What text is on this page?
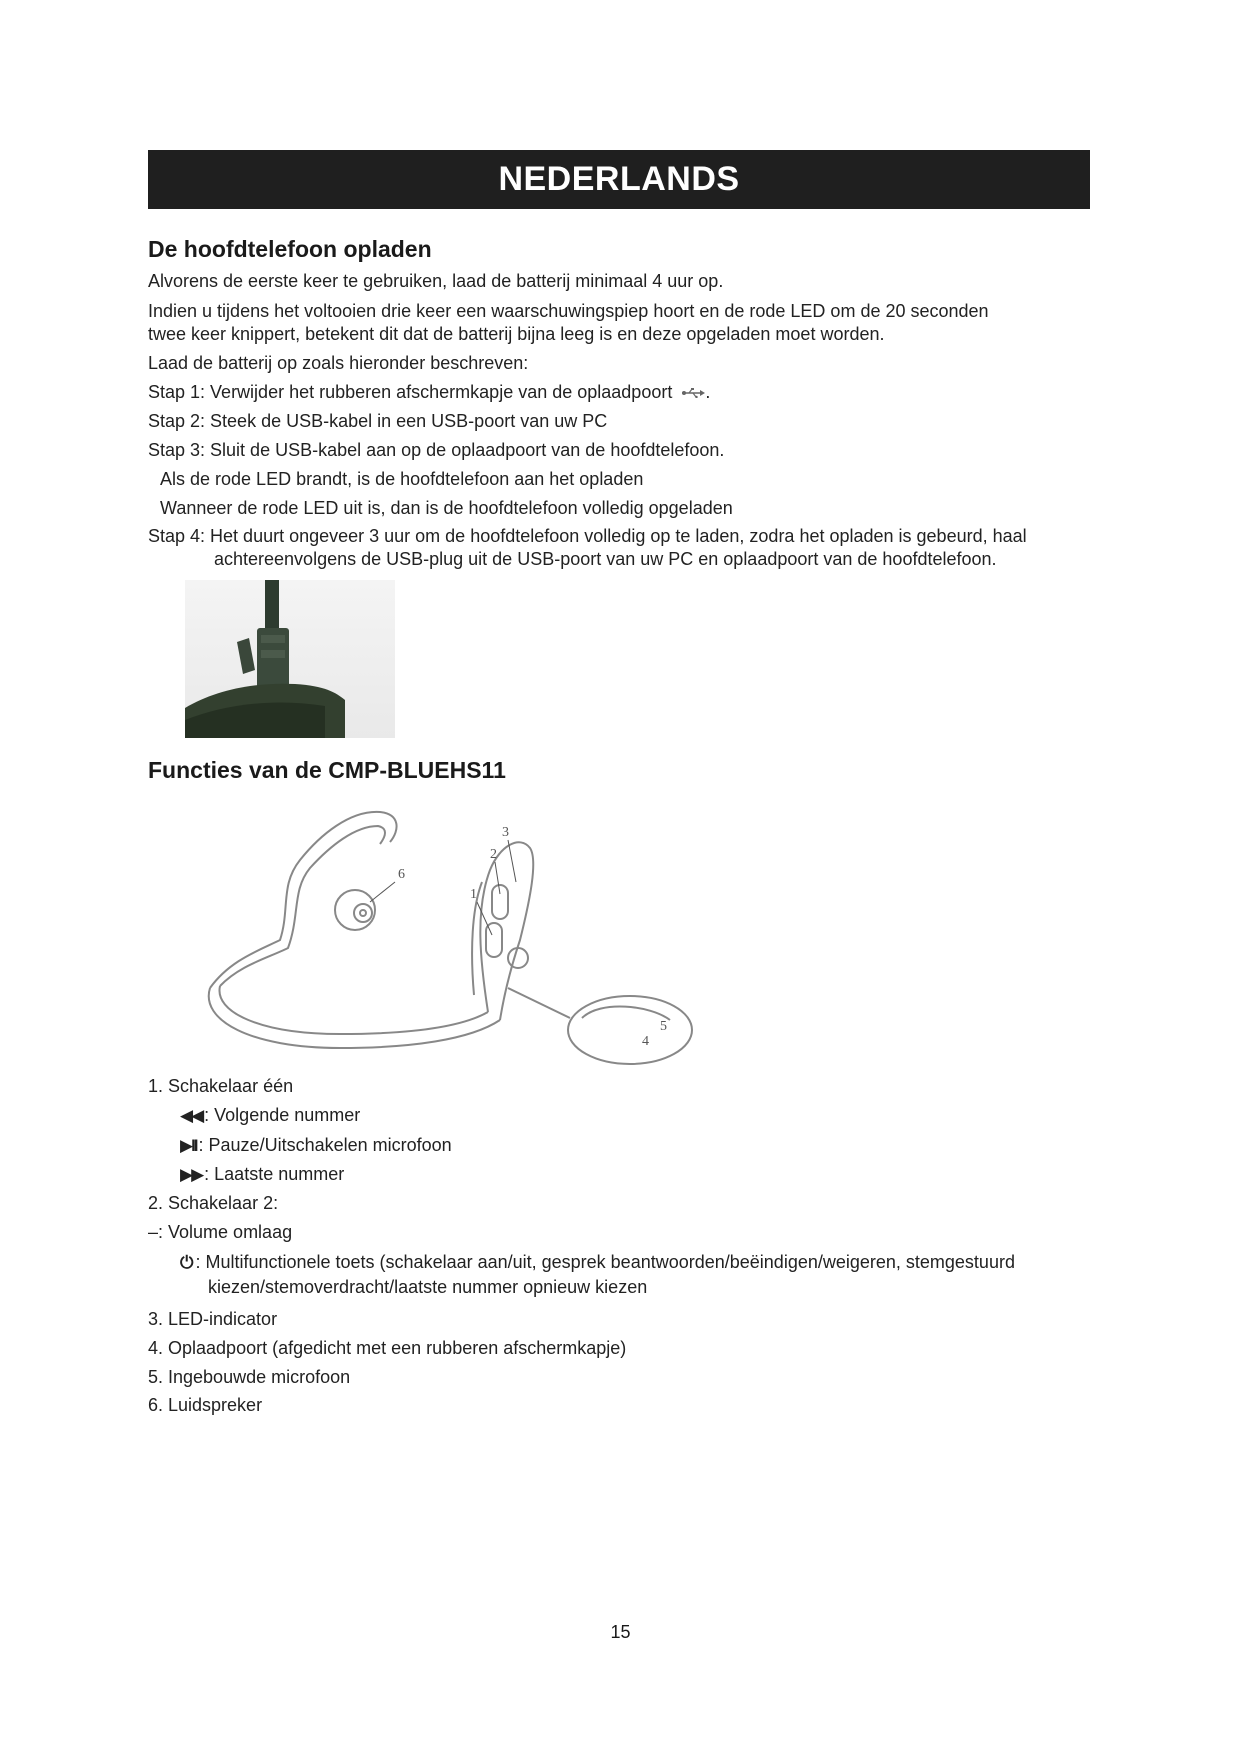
NEDERLANDS
De hoofdtelefoon opladen
Alvorens de eerste keer te gebruiken, laad de batterij minimaal 4 uur op.
Indien u tijdens het voltooien drie keer een waarschuwingspiep hoort en de rode LED om de 20 seconden
twee keer knippert, betekent dit dat de batterij bijna leeg is en deze opgeladen moet worden.
Laad de batterij op zoals hieronder beschreven:
Stap 1: Verwijder het rubberen afschermkapje van de oplaadpoort .
Stap 2: Steek de USB-kabel in een USB-poort van uw PC
Stap 3: Sluit de USB-kabel aan op de oplaadpoort van de hoofdtelefoon.
Als de rode LED brandt, is de hoofdtelefoon aan het opladen
Wanneer de rode LED uit is, dan is de hoofdtelefoon volledig opgeladen
Stap 4: Het duurt ongeveer 3 uur om de hoofdtelefoon volledig op te laden, zodra het opladen is gebeurd, haal
achtereenvolgens de USB-plug uit de USB-poort van uw PC en oplaadpoort van de hoofdtelefoon.
Functies van de CMP-BLUEHS11
6
3
2
1
4
5
1. Schakelaar één
◀◀ : Volgende nummer
▶II : Pauze/Uitschakelen microfoon
▶▶ : Laatste nummer
2. Schakelaar 2:
–: Volume omlaag
⏻ : Multifunctionele toets (schakelaar aan/uit, gesprek beantwoorden/beëindigen/weigeren, stemgestuurd
kiezen/stemoverdracht/laatste nummer opnieuw kiezen
3. LED-indicator
4. Oplaadpoort (afgedicht met een rubberen afschermkapje)
5. Ingebouwde microfoon
6. Luidspreker
15
